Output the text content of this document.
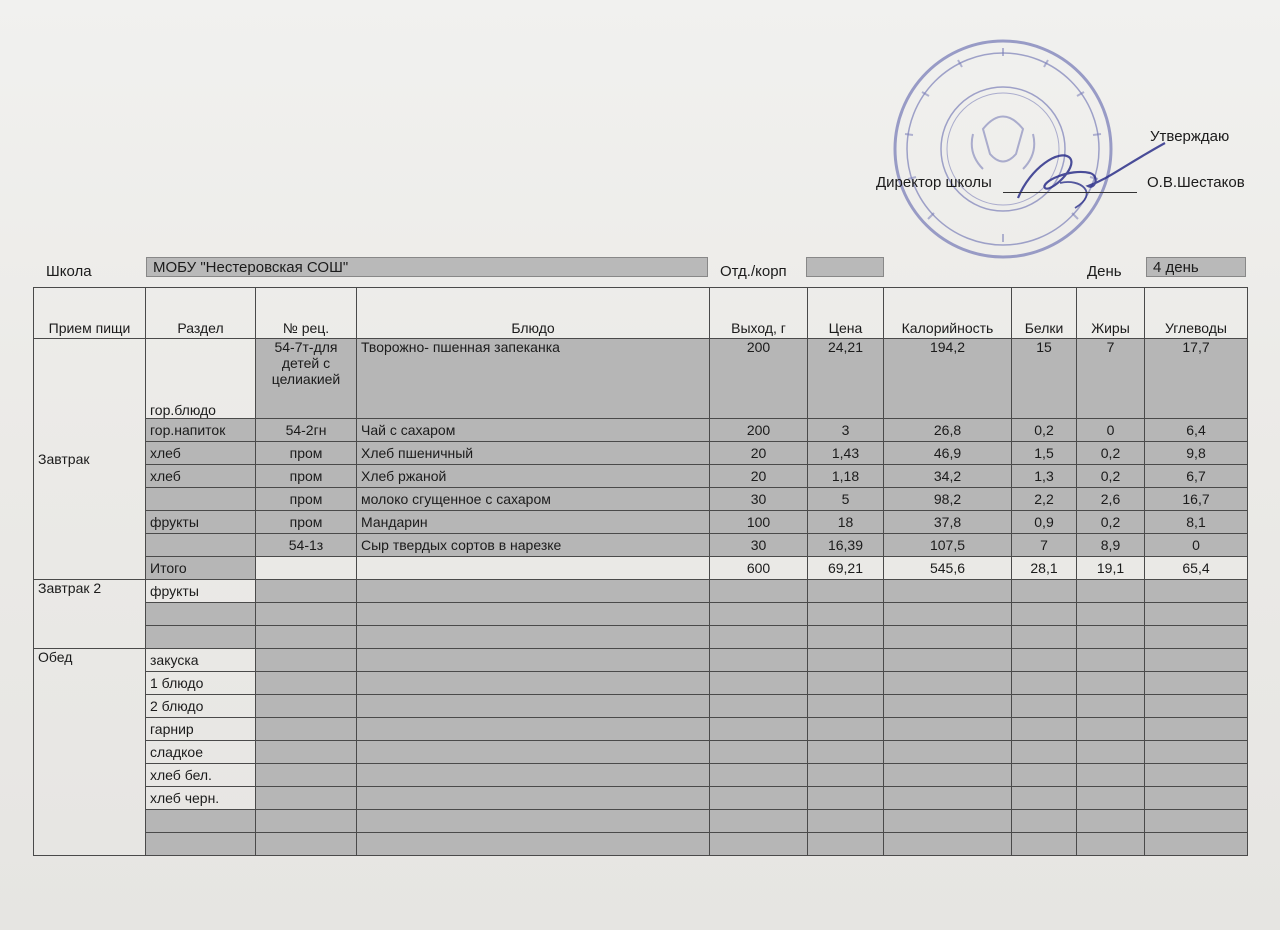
Утверждаю
Директор школы	О.В.Шестаков
Школа	МОБУ "Нестеровская СОШ"	Отд./корп	День	4 день
Прием пищи	Раздел	№ рец.	Блюдо	Выход, г	Цена	Калорийность	Белки	Жиры	Углеводы
Завтрак	гор.блюдо	54-7т-для детей с целиакией	Творожно- пшенная запеканка	200	24,21	194,2	15	7	17,7
	гор.напиток	54-2гн	Чай с сахаром	200	3	26,8	0,2	0	6,4
	хлеб	пром	Хлеб пшеничный	20	1,43	46,9	1,5	0,2	9,8
	хлеб	пром	Хлеб ржаной	20	1,18	34,2	1,3	0,2	6,7
		пром	молоко сгущенное с сахаром	30	5	98,2	2,2	2,6	16,7
	фрукты	пром	Мандарин	100	18	37,8	0,9	0,2	8,1
		54-1з	Сыр твердых сортов в нарезке	30	16,39	107,5	7	8,9	0
	Итого			600	69,21	545,6	28,1	19,1	65,4
Завтрак 2	фрукты								

Обед	закуска								
	1 блюдо								
	2 блюдо								
	гарнир								
	сладкое								
	хлеб бел.								
	хлеб черн.								
